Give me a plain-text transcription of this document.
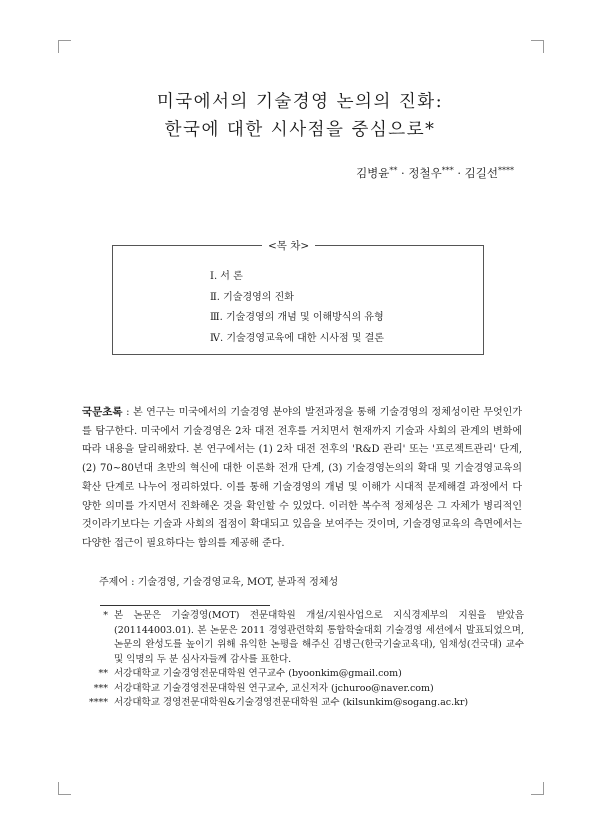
미국에서의 기술경영 논의의 진화:
한국에 대한 시사점을 중심으로*
김병윤** · 정철우*** · 김길선****
<목 차>
Ⅰ. 서 론
Ⅱ. 기술경영의 진화
Ⅲ. 기술경영의 개념 및 이해방식의 유형
Ⅳ. 기술경영교육에 대한 시사점 및 결론
국문초록 : 본 연구는 미국에서의 기술경영 분야의 발전과정을 통해 기술경영의 정체성이란 무엇인가를 탐구한다. 미국에서 기술경영은 2차 대전 전후를 거치면서 현재까지 기술과 사회의 관계의 변화에 따라 내용을 달리해왔다. 본 연구에서는 (1) 2차 대전 전후의 'R&D 관리' 또는 '프로젝트관리' 단계, (2) 70~80년대 초반의 혁신에 대한 이론화 전개 단계, (3) 기술경영논의의 확대 및 기술경영교육의 확산 단계로 나누어 정리하였다. 이를 통해 기술경영의 개념 및 이해가 시대적 문제해결 과정에서 다양한 의미를 가지면서 진화해온 것을 확인할 수 있었다. 이러한 복수적 정체성은 그 자체가 병리적인 것이라기보다는 기술과 사회의 접점이 확대되고 있음을 보여주는 것이며, 기술경영교육의 측면에서는 다양한 접근이 필요하다는 함의를 제공해 준다.
주제어 : 기술경영, 기술경영교육, MOT, 분과적 정체성
* 본 논문은 기술경영(MOT) 전문대학원 개설/지원사업으로 지식경제부의 지원을 받았음(201144003.01). 본 논문은 2011 경영관련학회 통합학술대회 기술경영 세션에서 발표되었으며, 논문의 완성도를 높이기 위해 유익한 논평을 해주신 김병근(한국기술교육대), 임채성(건국대) 교수 및 익명의 두 분 심사자들께 감사를 표한다.
** 서강대학교 기술경영전문대학원 연구교수 (byoonkim@gmail.com)
*** 서강대학교 기술경영전문대학원 연구교수, 교신저자 (jchuroo@naver.com)
**** 서강대학교 경영전문대학원&기술경영전문대학원 교수 (kilsunkim@sogang.ac.kr)
